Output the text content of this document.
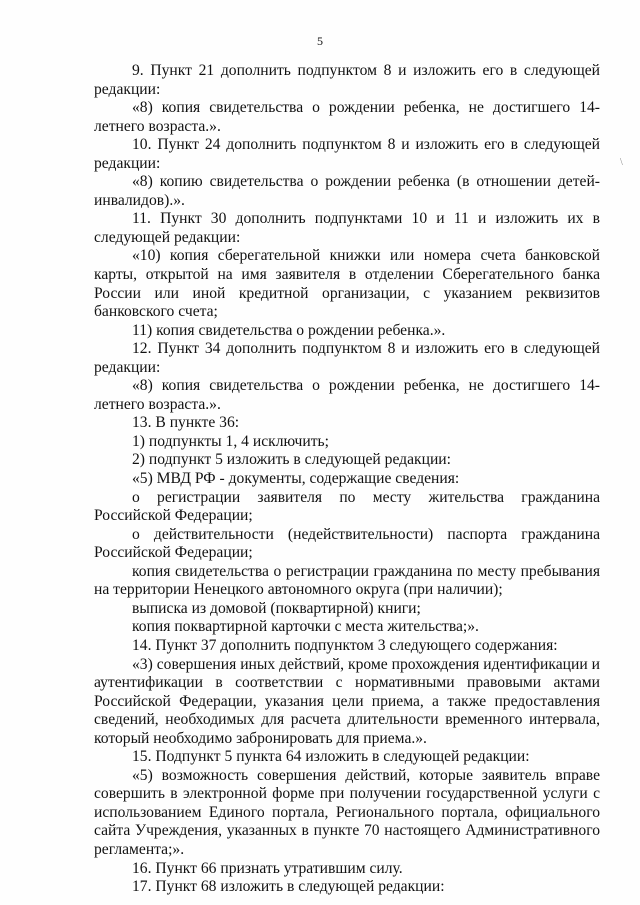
5
\

9. Пункт 21 дополнить подпунктом 8 и изложить его в следующей редакции:

«8) копия свидетельства о рождении ребенка, не достигшего 14-летнего возраста.».

10. Пункт 24 дополнить подпунктом 8 и изложить его в следующей редакции:

«8) копию свидетельства о рождении ребенка (в отношении детей-инвалидов).».

11. Пункт 30 дополнить подпунктами 10 и 11 и изложить их в следующей редакции:

«10) копия сберегательной книжки или номера счета банковской карты, открытой на имя заявителя в отделении Сберегательного банка России или иной кредитной организации, с указанием реквизитов банковского счета;

11) копия свидетельства о рождении ребенка.».

12. Пункт 34 дополнить подпунктом 8 и изложить его в следующей редакции:

«8) копия свидетельства о рождении ребенка, не достигшего 14-летнего возраста.».

13. В пункте 36:

1) подпункты 1, 4 исключить;

2) подпункт 5 изложить в следующей редакции:

«5) МВД РФ - документы, содержащие сведения:

о регистрации заявителя по месту жительства гражданина Российской Федерации;

о действительности (недействительности) паспорта гражданина Российской Федерации;

копия свидетельства о регистрации гражданина по месту пребывания на территории Ненецкого автономного округа (при наличии);

выписка из домовой (поквартирной) книги;

копия поквартирной карточки с места жительства;».

14. Пункт 37 дополнить подпунктом 3 следующего содержания:

«3) совершения иных действий, кроме прохождения идентификации и аутентификации в соответствии с нормативными правовыми актами Российской Федерации, указания цели приема, а также предоставления сведений, необходимых для расчета длительности временного интервала, который необходимо забронировать для приема.».

15. Подпункт 5 пункта 64 изложить в следующей редакции:

«5) возможность совершения действий, которые заявитель вправе совершить в электронной форме при получении государственной услуги с использованием Единого портала, Регионального портала, официального сайта Учреждения, указанных в пункте 70 настоящего Административного регламента;».

16. Пункт 66 признать утратившим силу.

17. Пункт 68 изложить в следующей редакции:
